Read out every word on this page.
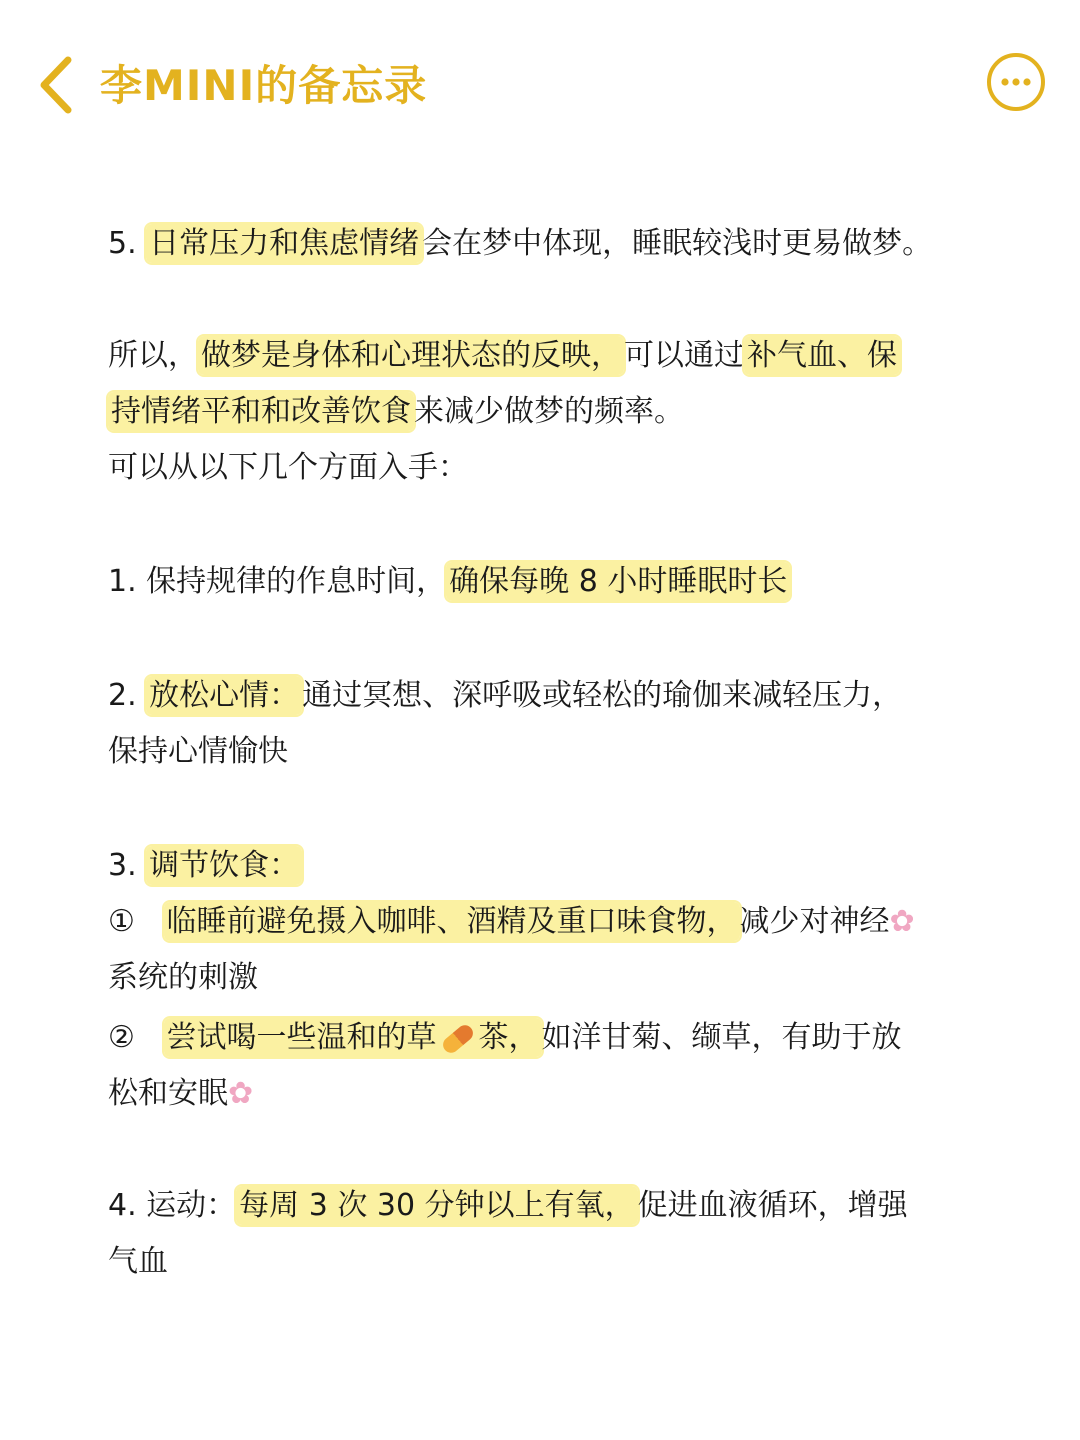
李MINI的备忘录
5. 日常压力和焦虑情绪 会在梦中体现，睡眠较浅时更易做梦。
所以， 做梦是身体和心理状态的反映， 可以通过 补气血、保
持情绪平和和改善饮食 来减少做梦的频率。
可以从以下几个方面入手：
1. 保持规律的作息时间， 确保每晚 8 小时睡眠时长
2. 放松心情： 通过冥想、深呼吸或轻松的瑜伽来减轻压力，
保持心情愉快
3. 调节饮食：
① 临睡前避免摄入咖啡、酒精及重口味食物， 减少对神经✿
系统的刺激
② 尝试喝一些温和的草 茶， 如洋甘菊、缬草，有助于放
松和安眠✿
4. 运动： 每周 3 次 30 分钟以上有氧， 促进血液循环，增强
气血
